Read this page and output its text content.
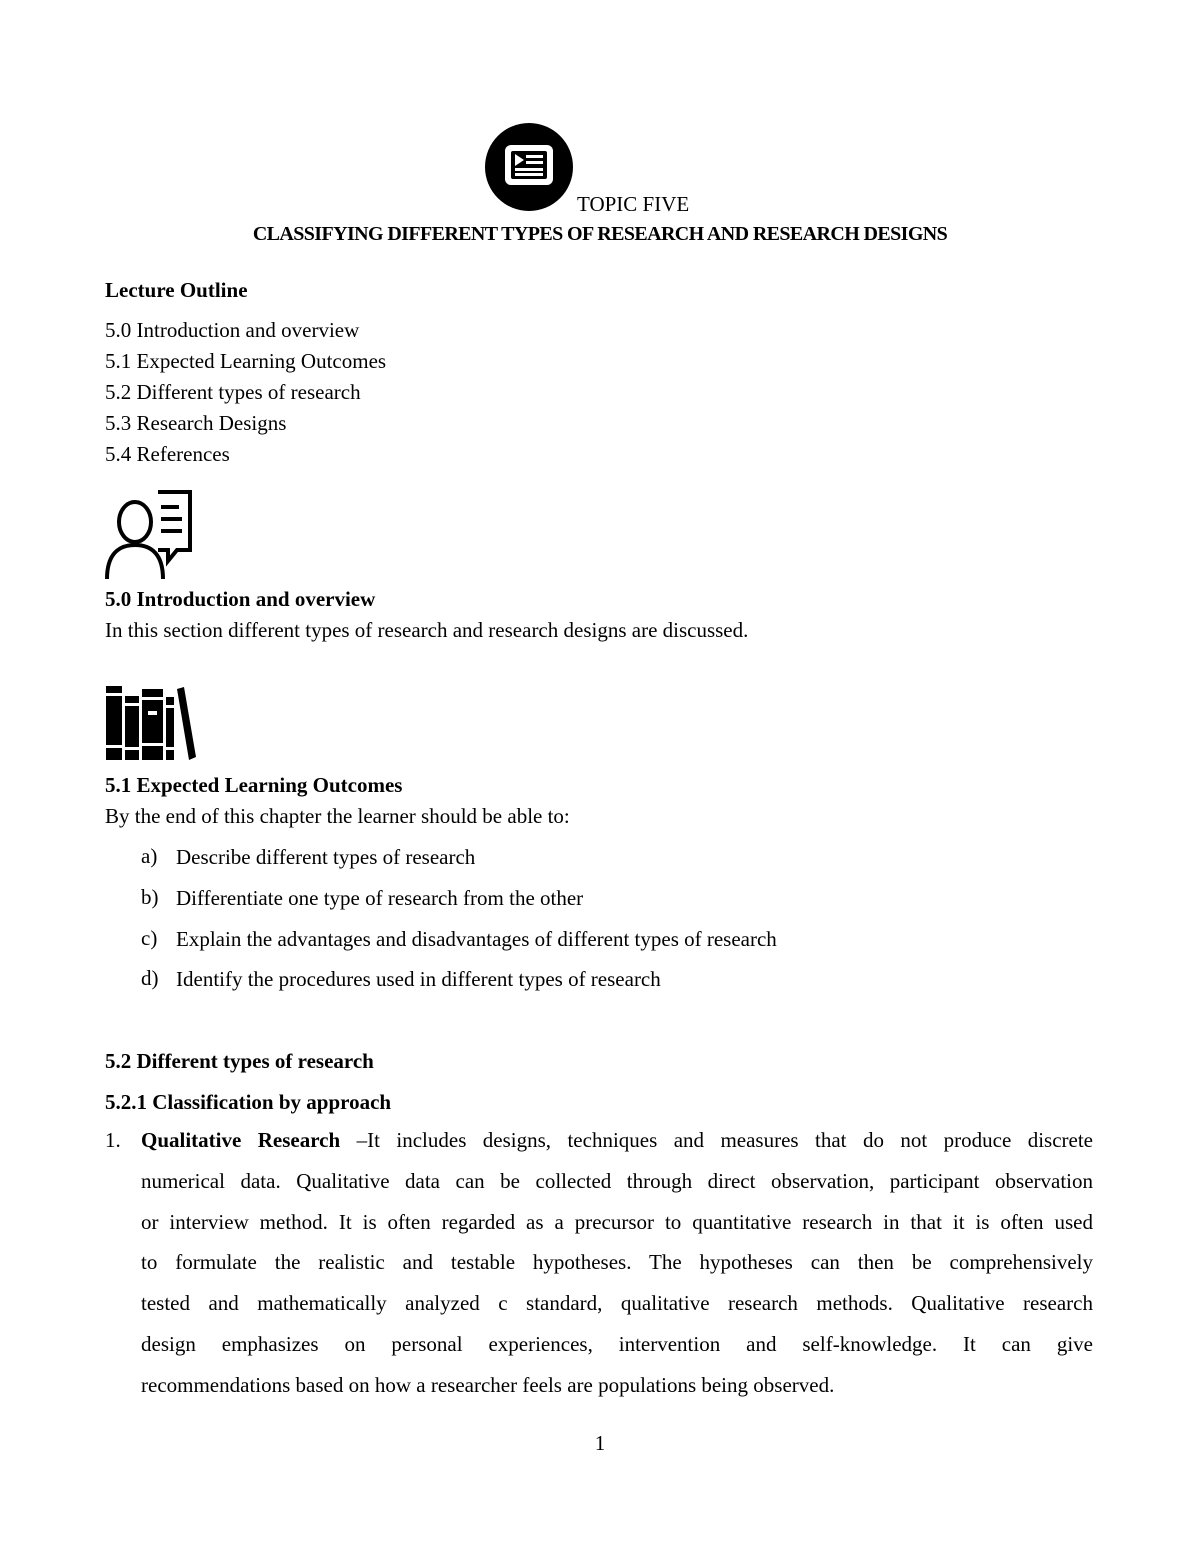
TOPIC FIVE
CLASSIFYING DIFFERENT TYPES OF RESEARCH AND RESEARCH DESIGNS
Lecture Outline
5.0 Introduction and overview
5.1 Expected Learning Outcomes
5.2 Different types of research
5.3 Research Designs
5.4 References
5.0 Introduction and overview
In this section different types of research and research designs are discussed.
5.1 Expected Learning Outcomes
By the end of this chapter the learner should be able to:
a) Describe different types of research
b) Differentiate one type of research from the other
c) Explain the advantages and disadvantages of different types of research
d) Identify the procedures used in different types of research
5.2 Different types of research
5.2.1 Classification by approach
1. Qualitative Research –It includes designs, techniques and measures that do not produce discrete
numerical data. Qualitative data can be collected through direct observation, participant observation
or interview method. It is often regarded as a precursor to quantitative research in that it is often used
to formulate the realistic and testable hypotheses. The hypotheses can then be comprehensively
tested and mathematically analyzed c standard, qualitative research methods. Qualitative research
design emphasizes on personal experiences, intervention and self-knowledge. It can give
recommendations based on how a researcher feels are populations being observed.
1
